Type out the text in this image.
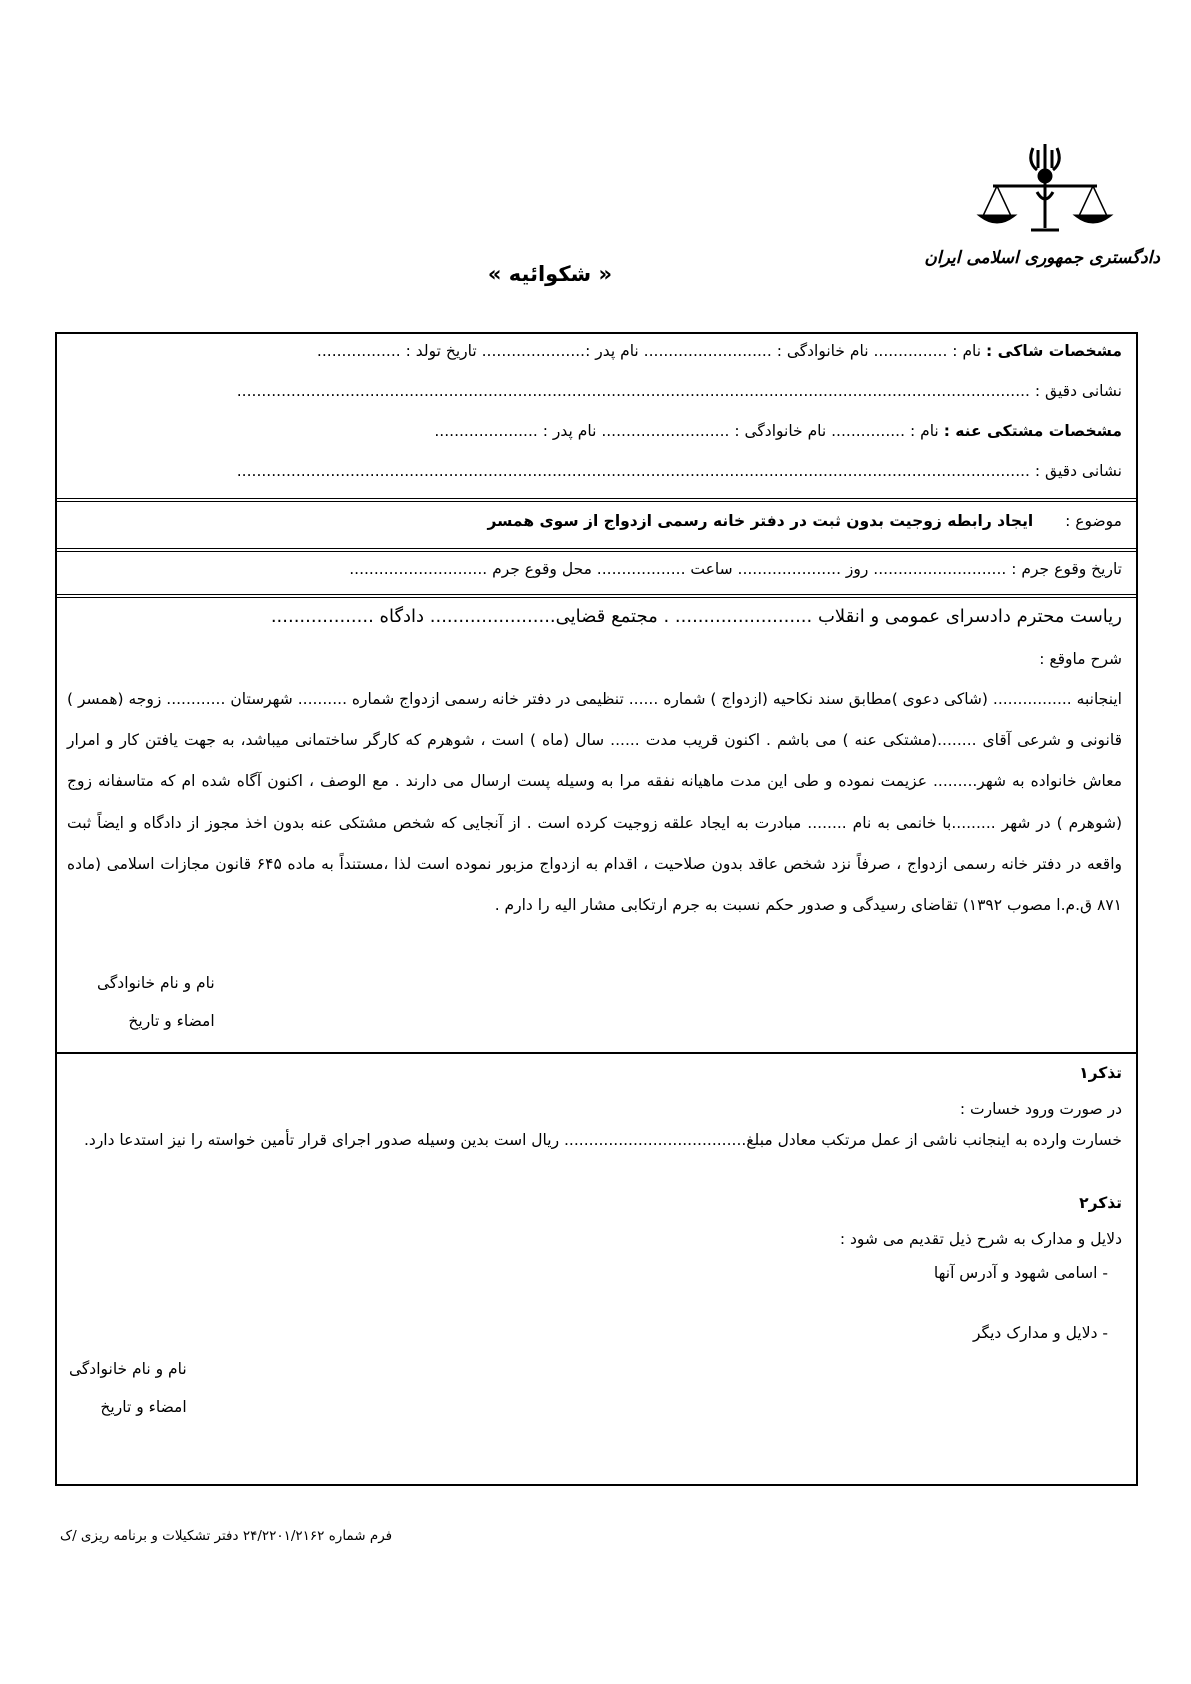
دادگستری جمهوری اسلامی ایران
« شکوائیه »
مشخصات شاکی : نام : ............... نام خانوادگی : .......................... نام پدر :..................... تاریخ تولد : .................
نشانی دقیق : .................................................................................................................................................................
مشخصات مشتکی عنه : نام : ............... نام خانوادگی : .......................... نام پدر : .....................
نشانی دقیق : .................................................................................................................................................................
موضوع :  ایجاد رابطه زوجیت بدون ثبت در دفتر خانه رسمی ازدواج از سوی همسر
تاریخ وقوع جرم : ........................... روز ..................... ساعت .................. محل وقوع جرم ............................
ریاست محترم دادسرای عمومی و انقلاب ........................ . مجتمع قضایی...................... دادگاه ..................
شرح ماوقع :
اینجانبه ................ (شاکی دعوی )مطابق سند نکاحیه (ازدواج ) شماره ...... تنظیمی در دفتر خانه رسمی ازدواج شماره .......... شهرستان ............ زوجه (همسر ) قانونی و شرعی آقای ........(مشتکی عنه ) می باشم . اکنون قریب مدت ...... سال (ماه ) است ، شوهرم که کارگر ساختمانی میباشد، به جهت یافتن کار و امرار معاش خانواده به شهر......... عزیمت نموده و طی این مدت ماهیانه نفقه مرا به وسیله پست ارسال می دارند . مع الوصف ، اکنون آگاه شده ام که متاسفانه زوج (شوهرم ) در شهر .........با خانمی به نام ........ مبادرت به ایجاد علقه زوجیت کرده است . از آنجایی که شخص مشتکی عنه بدون اخذ مجوز از دادگاه و ایضاً ثبت واقعه در دفتر خانه رسمی ازدواج ، صرفاً نزد شخص عاقد بدون صلاحیت ، اقدام به ازدواج مزبور نموده است لذا ،مستنداً به ماده ۶۴۵ قانون مجازات اسلامی (ماده ۸۷۱ ق.م.ا مصوب ۱۳۹۲) تقاضای رسیدگی و صدور حکم نسبت به جرم ارتکابی مشار الیه را دارم .
نام و نام خانوادگی
امضاء و تاریخ
تذکر۱
در صورت ورود خسارت :
خسارت وارده به اینجانب ناشی از عمل مرتکب معادل مبلغ..................................... ریال است بدین وسیله صدور اجرای قرار تأمین خواسته را نیز استدعا دارد.
تذکر۲
دلایل و مدارک به شرح ذیل تقدیم می شود :
- اسامی شهود و آدرس آنها
- دلایل و مدارک دیگر
نام و نام خانوادگی
امضاء و تاریخ
فرم شماره ۲۴/۲۲۰۱/۲۱۶۲ دفتر تشکیلات و برنامه ریزی /ک
